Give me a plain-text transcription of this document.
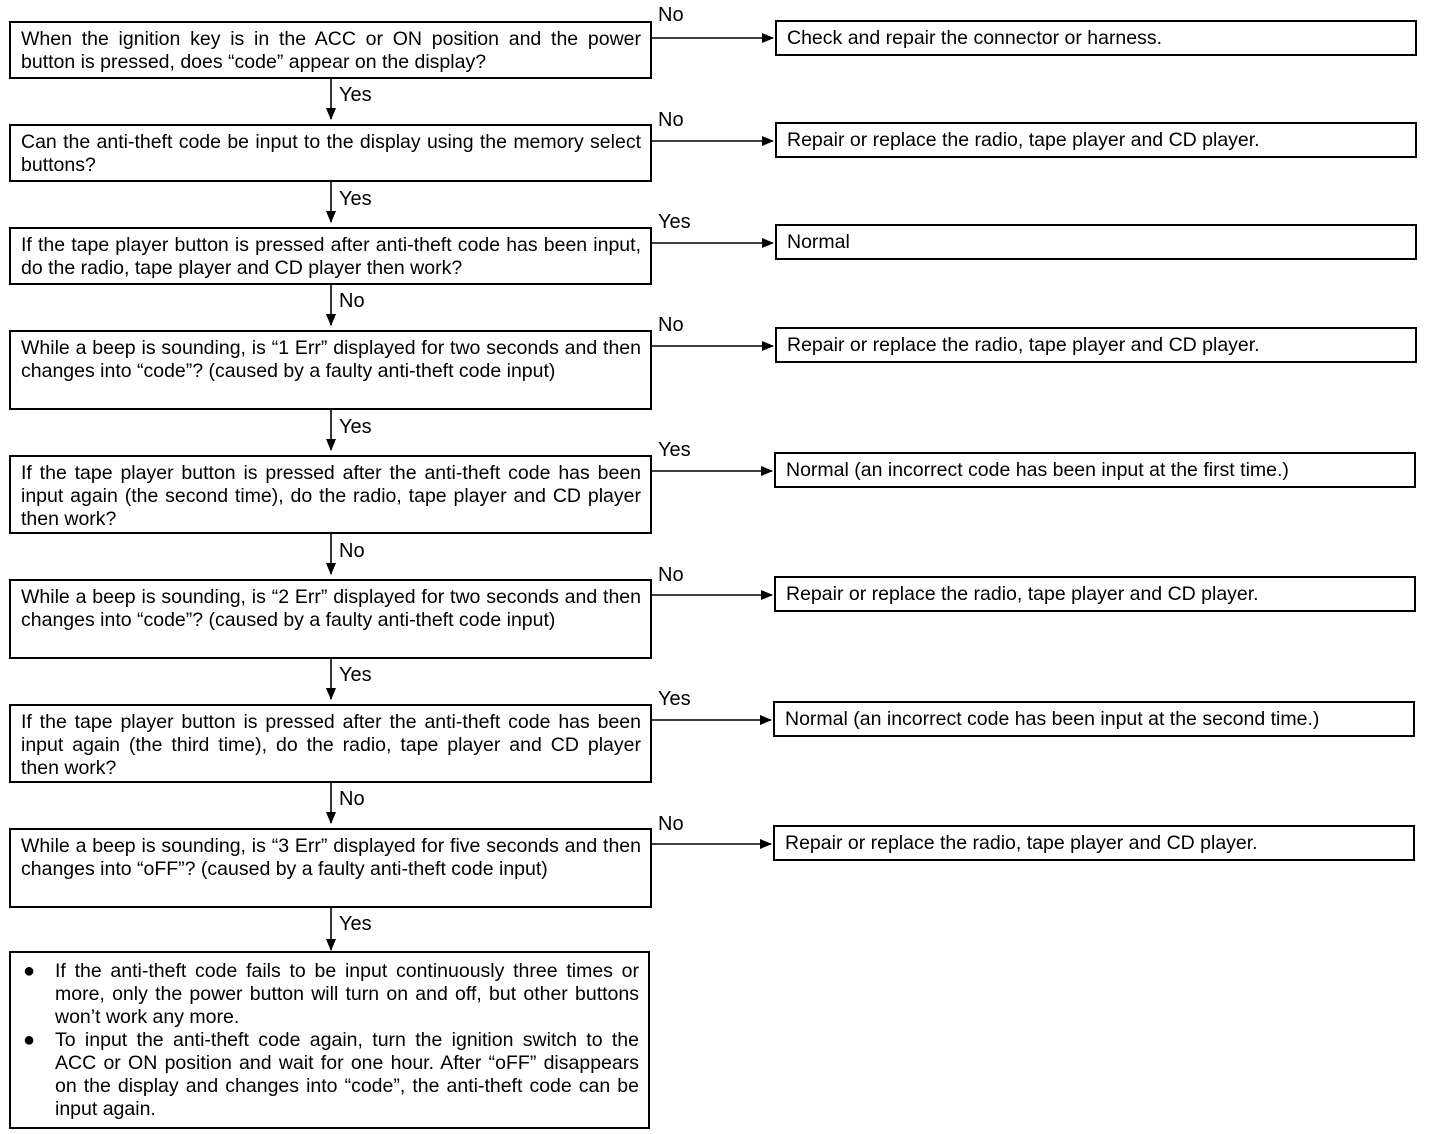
When the ignition key is in the ACC or ON position and the power button is pressed, does “code” appear on the display?
No
Check and repair the connector or harness.
Yes
Can the anti-theft code be input to the display using the memory select buttons?
No
Repair or replace the radio, tape player and CD player.
Yes
If the tape player button is pressed after anti-theft code has been input, do the radio, tape player and CD player then work?
Yes
Normal
No
While a beep is sounding, is “1 Err” displayed for two seconds and then changes into “code”? (caused by a faulty anti-theft code input)
No
Repair or replace the radio, tape player and CD player.
Yes
If the tape player button is pressed after the anti-theft code has been input again (the second time), do the radio, tape player and CD player then work?
Yes
Normal (an incorrect code has been input at the first time.)
No
While a beep is sounding, is “2 Err” displayed for two seconds and then changes into “code”? (caused by a faulty anti-theft code input)
No
Repair or replace the radio, tape player and CD player.
Yes
If the tape player button is pressed after the anti-theft code has been input again (the third time), do the radio, tape player and CD player then work?
Yes
Normal (an incorrect code has been input at the second time.)
No
While a beep is sounding, is “3 Err” displayed for five seconds and then changes into “oFF”? (caused by a faulty anti-theft code input)
No
Repair or replace the radio, tape player and CD player.
Yes
● If the anti-theft code fails to be input continuously three times or more, only the power button will turn on and off, but other buttons won’t work any more.
● To input the anti-theft code again, turn the ignition switch to the ACC or ON position and wait for one hour. After “oFF” disappears on the display and changes into “code”, the anti-theft code can be input again.
